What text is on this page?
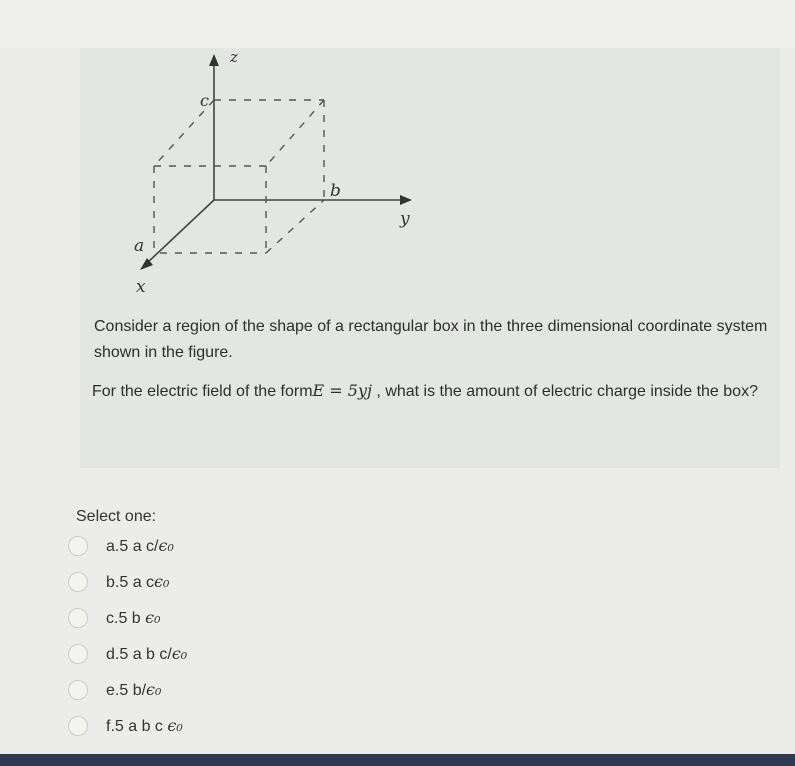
z
y
x
a
b
c
Consider a region of the shape of a rectangular box in the three dimensional coordinate system shown in the figure.
For the electric field of the formE = 5yj , what is the amount of electric charge inside the box?
Select one:
a.5 a c/ϵ₀
b.5 a cϵ₀
c.5 b ϵ₀
d.5 a b c/ϵ₀
e.5 b/ϵ₀
f.5 a b c ϵ₀
